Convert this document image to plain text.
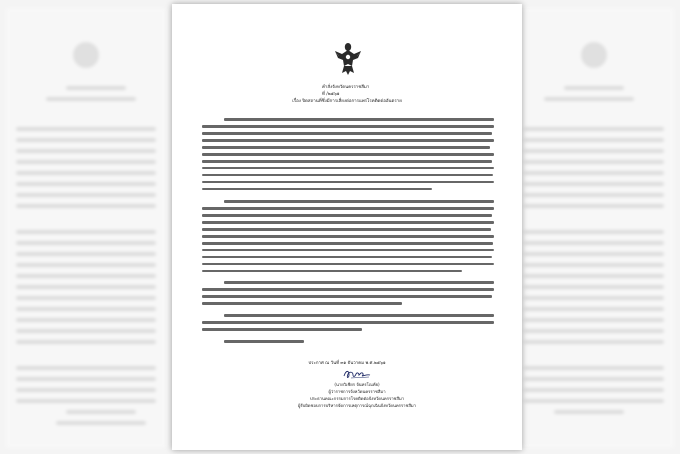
คำสั่งจังหวัดนครราชสีมา
ที่ /๒๕๖๑
เรื่อง ปิดสถานที่ซึ่งมีการเสี่ยงต่อการแพร่โรคติดต่ออันตราย
ประกาศ ณ วันที่ ๓๑ ธันวาคม พ.ศ.๒๕๖๑
(นายวิเชียร จันทรโณทัย)
ผู้ว่าราชการจังหวัดนครราชสีมา
ประธานคณะกรรมการโรคติดต่อจังหวัดนครราชสีมา
ผู้รับผิดชอบการบริหารจัดการเหตุการณ์ฉุกเฉินจังหวัดนครราชสีมา
